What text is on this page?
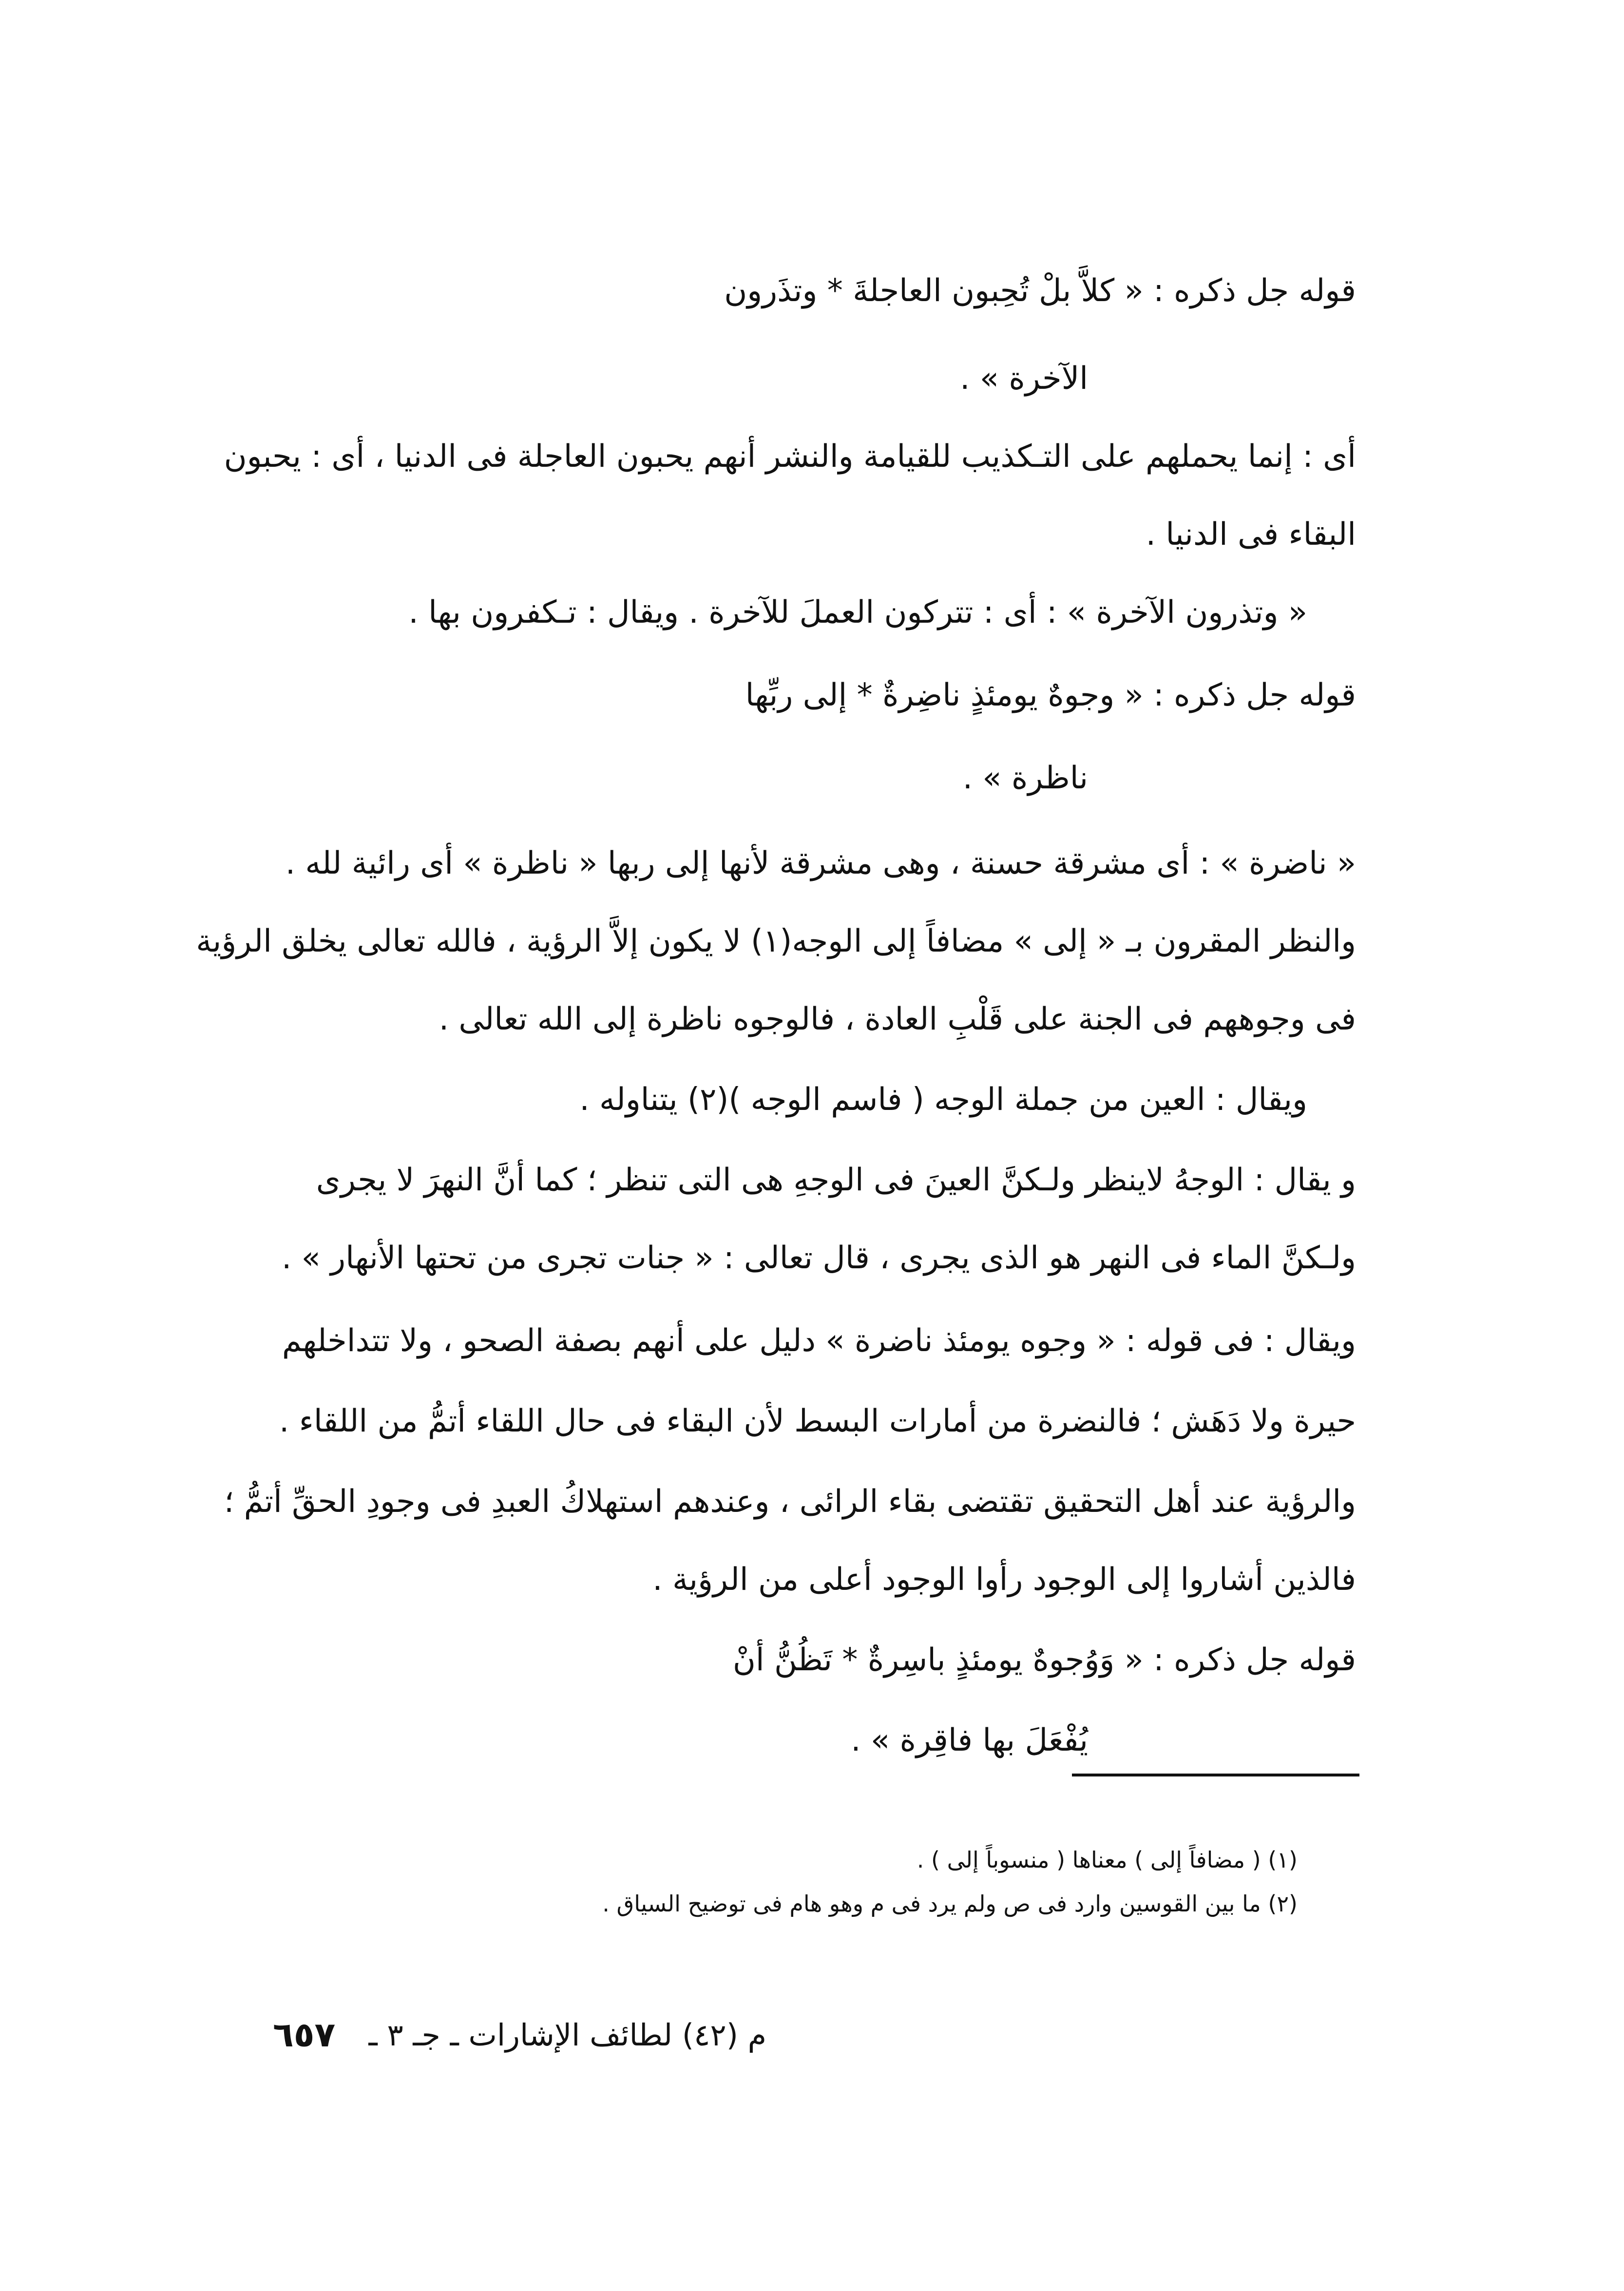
قوله جل ذكره : « كلاَّ بلْ تُحِبون العاجلةَ * وتذَرون
الآخرة » .
أى : إنما يحملهم على التـكذيب للقيامة والنشر أنهم يحبون العاجلة فى الدنيا ، أى : يحبون
البقاء فى الدنيا .
« وتذرون الآخرة » : أى : تتركون العملَ للآخرة . ويقال : تـكفرون بها .
قوله جل ذكره : « وجوهٌ يومئذٍ ناضِرةٌ * إلى ربِّها
ناظرة » .
« ناضرة » : أى مشرقة حسنة ، وهى مشرقة لأنها إلى ربها « ناظرة » أى رائية لله .
والنظر المقرون بـ « إلى » مضافاً إلى الوجه(١) لا يكون إلاَّ الرؤية ، فالله تعالى يخلق الرؤية
فى وجوههم فى الجنة على قَلْبِ العادة ، فالوجوه ناظرة إلى الله تعالى .
ويقال : العين من جملة الوجه ( فاسم الوجه )(٢) يتناوله .
و يقال : الوجهُ لاينظر ولـكنَّ العينَ فى الوجهِ هى التى تنظر ؛ كما أنَّ النهرَ لا يجرى
ولـكنَّ الماء فى النهر هو الذى يجرى ، قال تعالى : « جنات تجرى من تحتها الأنهار » .
ويقال : فى قوله : « وجوه يومئذ ناضرة » دليل على أنهم بصفة الصحو ، ولا تتداخلهم
حيرة ولا دَهَش ؛ فالنضرة من أمارات البسط لأن البقاء فى حال اللقاء أتمُّ من اللقاء .
والرؤية عند أهل التحقيق تقتضى بقاء الرائى ، وعندهم استهلاكُ العبدِ فى وجودِ الحقِّ أتمُّ ؛
فالذين أشاروا إلى الوجود رأوا الوجود أعلى من الرؤية .
قوله جل ذكره : « وَوُجوهٌ يومئذٍ باسِرةٌ * تَظُنُّ أنْ
يُفْعَلَ بها فاقِرة » .
(١) ( مضافاً إلى ) معناها ( منسوباً إلى ) .
(٢) ما بين القوسين وارد فى ص ولم يرد فى م وهو هام فى توضيح السياق .
م (٤٢) لطائف الإشارات ـ جـ ٣ ـ
٦٥٧
